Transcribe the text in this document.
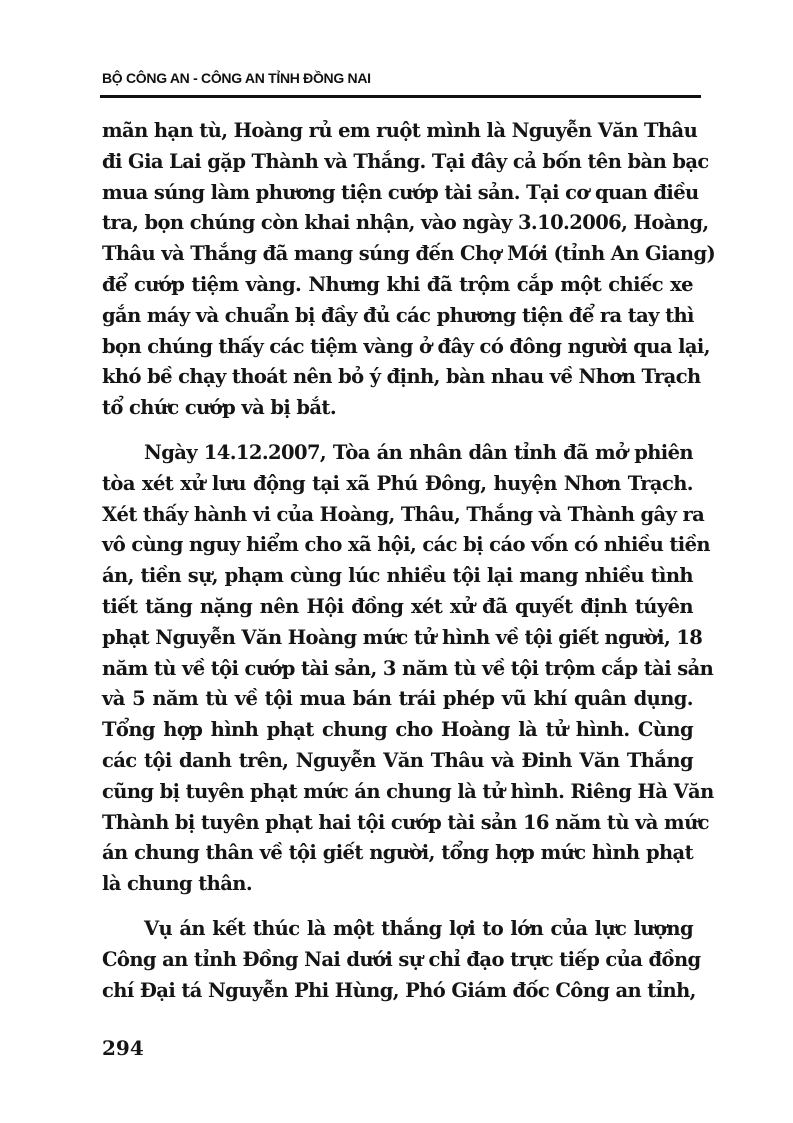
BỘ CÔNG AN - CÔNG AN TỈNH ĐỒNG NAI
mãn hạn tù, Hoàng rủ em ruột mình là Nguyễn Văn Thâu
đi Gia Lai gặp Thành và Thắng. Tại đây cả bốn tên bàn bạc
mua súng làm phương tiện cướp tài sản. Tại cơ quan điều
tra, bọn chúng còn khai nhận, vào ngày 3.10.2006, Hoàng,
Thâu và Thắng đã mang súng đến Chợ Mới (tỉnh An Giang)
để cướp tiệm vàng. Nhưng khi đã trộm cắp một chiếc xe
gắn máy và chuẩn bị đầy đủ các phương tiện để ra tay thì
bọn chúng thấy các tiệm vàng ở đây có đông người qua lại,
khó bề chạy thoát nên bỏ ý định, bàn nhau về Nhơn Trạch
tổ chức cướp và bị bắt.
Ngày 14.12.2007, Tòa án nhân dân tỉnh đã mở phiên
tòa xét xử lưu động tại xã Phú Đông, huyện Nhơn Trạch.
Xét thấy hành vi của Hoàng, Thâu, Thắng và Thành gây ra
vô cùng nguy hiểm cho xã hội, các bị cáo vốn có nhiều tiền
án, tiền sự, phạm cùng lúc nhiều tội lại mang nhiều tình
tiết tăng nặng nên Hội đồng xét xử đã quyết định túyên
phạt Nguyễn Văn Hoàng mức tử hình về tội giết người, 18
năm tù về tội cướp tài sản, 3 năm tù về tội trộm cắp tài sản
và 5 năm tù về tội mua bán trái phép vũ khí quân dụng.
Tổng hợp hình phạt chung cho Hoàng là tử hình. Cùng
các tội danh trên, Nguyễn Văn Thâu và Đinh Văn Thắng
cũng bị tuyên phạt mức án chung là tử hình. Riêng Hà Văn
Thành bị tuyên phạt hai tội cướp tài sản 16 năm tù và mức
án chung thân về tội giết người, tổng hợp mức hình phạt
là chung thân.
Vụ án kết thúc là một thắng lợi to lớn của lực lượng
Công an tỉnh Đồng Nai dưới sự chỉ đạo trực tiếp của đồng
chí Đại tá Nguyễn Phi Hùng, Phó Giám đốc Công an tỉnh,
294
